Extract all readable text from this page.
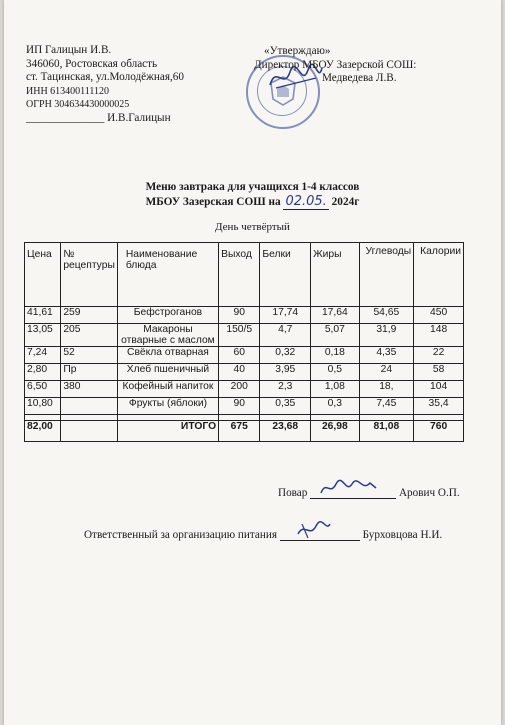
ИП Галицын И.В.
346060, Ростовская область
ст. Тацинская, ул.Молодёжная,60
ИНН 613400111120
ОГРН 304634430000025
______________ И.В.Галицын
«Утверждаю»
Директор МБОУ Зазерской СОШ:
Медведева Л.В.
Меню завтрака для учащихся 1-4 классов
МБОУ Зазерская СОШ на 02.05. 2024г
День четвёртый
Цена	№ рецептуры	Наименование блюда	Выход	Белки	Жиры	Углеводы	Калории
41,61	259	Бефстроганов	90	17,74	17,64	54,65	450
13,05	205	Макароны отварные с маслом	150/5	4,7	5,07	31,9	148
7,24	52	Свёкла отварная	60	0,32	0,18	4,35	22
2,80	Пр	Хлеб пшеничный	40	3,95	0,5	24	58
6,50	380	Кофейный напиток	200	2,3	1,08	18,	104
10,80		Фрукты (яблоки)	90	0,35	0,3	7,45	35,4

82,00		ИТОГО	675	23,68	26,98	81,08	760
Повар	Арович О.П.
Ответственный за организацию питания	Бурховцова Н.И.
